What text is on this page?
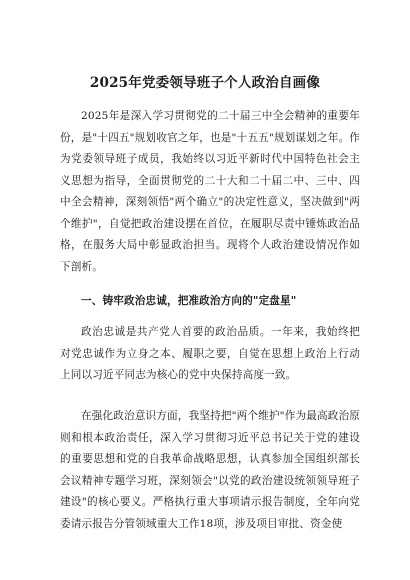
2025年党委领导班子个人政治自画像

2025年是深入学习贯彻党的二十届三中全会精神的重要年份，是"十四五"规划收官之年，也是"十五五"规划谋划之年。作为党委领导班子成员，我始终以习近平新时代中国特色社会主义思想为指导，全面贯彻党的二十大和二十届二中、三中、四中全会精神，深刻领悟"两个确立"的决定性意义，坚决做到"两个维护"，自觉把政治建设摆在首位，在履职尽责中锤炼政治品格，在服务大局中彰显政治担当。现将个人政治建设情况作如下剖析。

一、铸牢政治忠诚，把准政治方向的"定盘星"

政治忠诚是共产党人首要的政治品质。一年来，我始终把对党忠诚作为立身之本、履职之要，自觉在思想上政治上行动上同以习近平同志为核心的党中央保持高度一致。

在强化政治意识方面，我坚持把"两个维护"作为最高政治原则和根本政治责任，深入学习贯彻习近平总书记关于党的建设的重要思想和党的自我革命战略思想，认真参加全国组织部长会议精神专题学习班，深刻领会"以党的政治建设统领领导班子建设"的核心要义。严格执行重大事项请示报告制度，全年向党委请示报告分管领域重大工作18项，涉及项目审批、资金使
